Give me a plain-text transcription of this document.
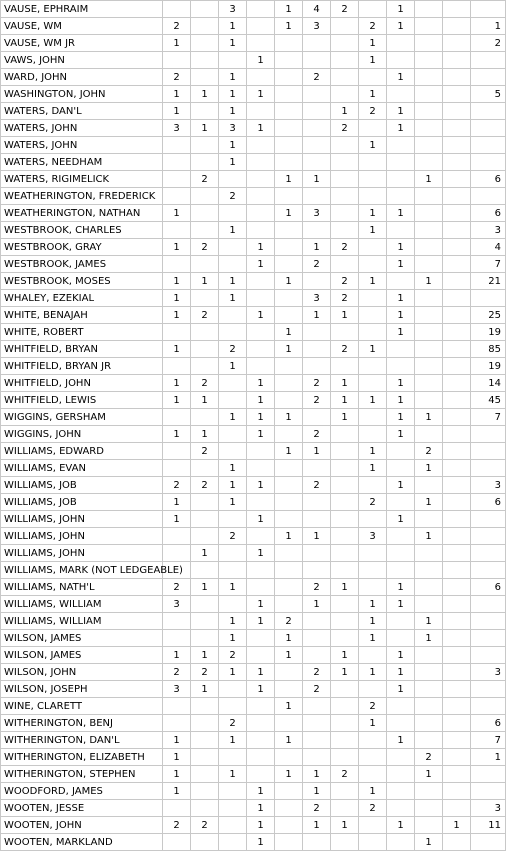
VAUSE, EPHRAIM			3		1	4	2		1			
VAUSE, WM	2		1		1	3		2	1			1
VAUSE, WM JR	1		1					1				2
VAWS, JOHN				1				1				
WARD, JOHN	2		1			2			1			
WASHINGTON, JOHN	1	1	1	1				1				5
WATERS, DAN'L	1		1				1	2	1			
WATERS, JOHN	3	1	3	1			2		1			
WATERS, JOHN			1					1				
WATERS, NEEDHAM			1									
WATERS, RIGIMELICK		2			1	1				1		6
WEATHERINGTON, FREDERICK			2									
WEATHERINGTON, NATHAN	1				1	3		1	1			6
WESTBROOK, CHARLES			1					1				3
WESTBROOK, GRAY	1	2		1		1	2		1			4
WESTBROOK, JAMES				1		2			1			7
WESTBROOK, MOSES	1	1	1		1		2	1		1		21
WHALEY, EZEKIAL	1		1			3	2		1			
WHITE, BENAJAH	1	2		1		1	1		1			25
WHITE, ROBERT					1				1			19
WHITFIELD, BRYAN	1		2		1		2	1				85
WHITFIELD, BRYAN JR			1									19
WHITFIELD, JOHN	1	2		1		2	1		1			14
WHITFIELD, LEWIS	1	1		1		2	1	1	1			45
WIGGINS, GERSHAM			1	1	1		1		1	1		7
WIGGINS, JOHN	1	1		1		2			1			
WILLIAMS, EDWARD		2			1	1		1		2		
WILLIAMS, EVAN			1					1		1		
WILLIAMS, JOB	2	2	1	1		2			1			3
WILLIAMS, JOB	1		1					2		1		6
WILLIAMS, JOHN	1			1					1			
WILLIAMS, JOHN			2		1	1		3		1		
WILLIAMS, JOHN		1		1								
WILLIAMS, MARK (NOT LEDGEABLE)												
WILLIAMS, NATH'L	2	1	1			2	1		1			6
WILLIAMS, WILLIAM	3			1		1		1	1			
WILLIAMS, WILLIAM			1	1	2			1		1		
WILSON, JAMES			1		1			1		1		
WILSON, JAMES	1	1	2		1		1		1			
WILSON, JOHN	2	2	1	1		2	1	1	1			3
WILSON, JOSEPH	3	1		1		2			1			
WINE, CLARETT					1			2				
WITHERINGTON, BENJ			2					1				6
WITHERINGTON, DAN'L	1		1		1				1			7
WITHERINGTON, ELIZABETH	1									2		1
WITHERINGTON, STEPHEN	1		1		1	1	2			1		
WOODFORD, JAMES	1			1		1		1				
WOOTEN, JESSE				1		2		2				3
WOOTEN, JOHN	2	2		1		1	1		1		1	11
WOOTEN, MARKLAND				1						1		
